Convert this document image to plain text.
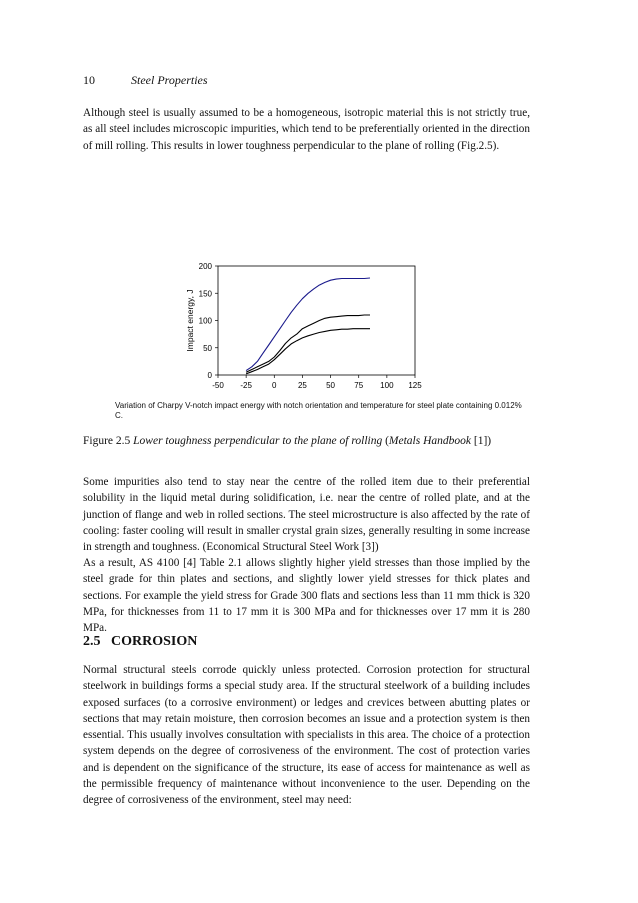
10	Steel Properties

Although steel is usually assumed to be a homogeneous, isotropic material this is not strictly true, as all steel includes microscopic impurities, which tend to be preferentially oriented in the direction of mill rolling. This results in lower toughness perpendicular to the plane of rolling (Fig.2.5).

-50 -25	0	25 50 75 100 125
0
50
100
150
200
Impact energy, J
Variation of Charpy V-notch impact energy with notch orientation and temperature for steel plate containing 0.012% C.
Figure 2.5 Lower toughness perpendicular to the plane of rolling (Metals Handbook [1])

Some impurities also tend to stay near the centre of the rolled item due to their preferential solubility in the liquid metal during solidification, i.e. near the centre of rolled plate, and at the junction of flange and web in rolled sections. The steel microstructure is also affected by the rate of cooling: faster cooling will result in smaller crystal grain sizes, generally resulting in some increase in strength and toughness. (Economical Structural Steel Work [3])

As a result, AS 4100 [4] Table 2.1 allows slightly higher yield stresses than those implied by the steel grade for thin plates and sections, and slightly lower yield stresses for thick plates and sections. For example the yield stress for Grade 300 flats and sections less than 11 mm thick is 320 MPa, for thicknesses from 11 to 17 mm it is 300 MPa and for thicknesses over 17 mm it is 280 MPa.

2.5 CORROSION

Normal structural steels corrode quickly unless protected. Corrosion protection for structural steelwork in buildings forms a special study area. If the structural steelwork of a building includes exposed surfaces (to a corrosive environment) or ledges and crevices between abutting plates or sections that may retain moisture, then corrosion becomes an issue and a protection system is then essential. This usually involves consultation with specialists in this area. The choice of a protection system depends on the degree of corrosiveness of the environment. The cost of protection varies and is dependent on the significance of the structure, its ease of access for maintenance as well as the permissible frequency of maintenance without inconvenience to the user. Depending on the degree of corrosiveness of the environment, steel may need:
